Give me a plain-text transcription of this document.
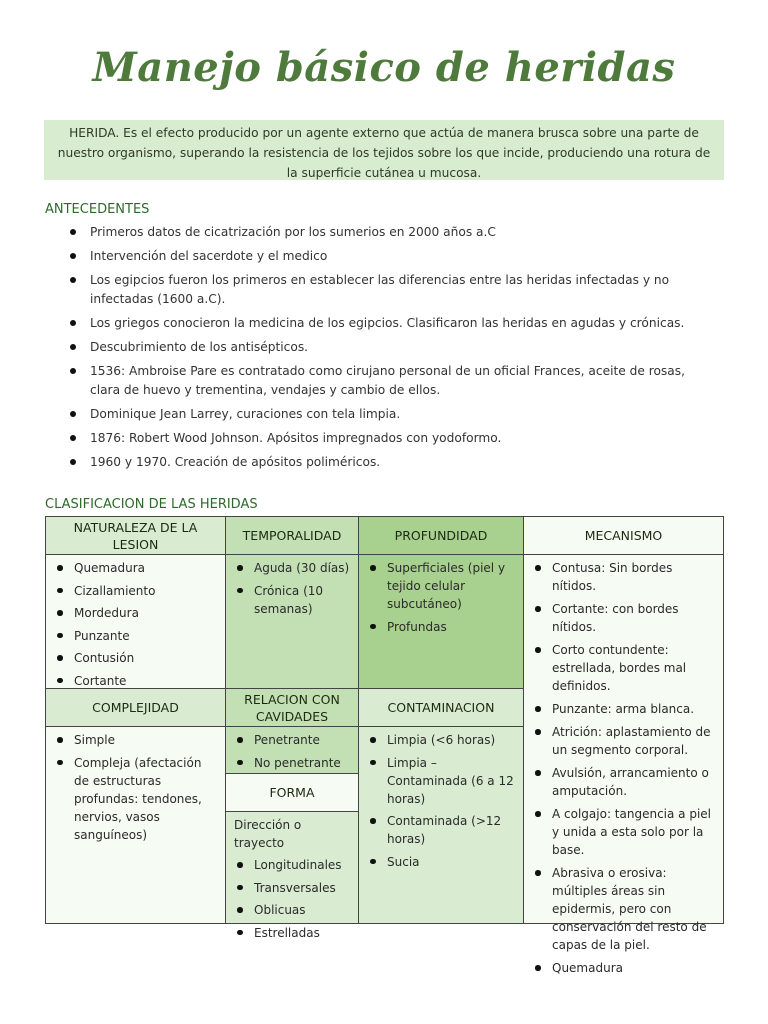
Manejo básico de heridas
HERIDA. Es el efecto producido por un agente externo que actúa de manera brusca sobre una parte de nuestro organismo, superando la resistencia de los tejidos sobre los que incide, produciendo una rotura de la superficie cutánea u mucosa.
ANTECEDENTES
Primeros datos de cicatrización por los sumerios en 2000 años a.C
Intervención del sacerdote y el medico
Los egipcios fueron los primeros en establecer las diferencias entre las heridas infectadas y no infectadas (1600 a.C).
Los griegos conocieron la medicina de los egipcios. Clasificaron las heridas en agudas y crónicas.
Descubrimiento de los antisépticos.
1536: Ambroise Pare es contratado como cirujano personal de un oficial Frances, aceite de rosas, clara de huevo y trementina, vendajes y cambio de ellos.
Dominique Jean Larrey, curaciones con tela limpia.
1876: Robert Wood Johnson. Apósitos impregnados con yodoformo.
1960 y 1970. Creación de apósitos poliméricos.
CLASIFICACION DE LAS HERIDAS
NATURALEZA DE LA LESION
TEMPORALIDAD	PROFUNDIDAD	MECANISMO
Quemadura
Cizallamiento
Mordedura
Punzante
Contusión
Cortante
Aguda (30 días)
Crónica (10 semanas)
Superficiales (piel y tejido celular subcutáneo)
Profundas
Contusa: Sin bordes nítidos.
Cortante: con bordes nítidos.
Corto contundente: estrellada, bordes mal definidos.
Punzante: arma blanca.
Atrición: aplastamiento de un segmento corporal.
Avulsión, arrancamiento o amputación.
A colgajo: tangencia a piel y unida a esta solo por la base.
Abrasiva o erosiva: múltiples áreas sin epidermis, pero con conservación del resto de capas de la piel.
Quemadura
COMPLEJIDAD
RELACION CON CAVIDADES
CONTAMINACION
Simple
Compleja (afectación de estructuras profundas: tendones, nervios, vasos sanguíneos)
Penetrante
No penetrante
FORMA
Dirección o trayecto
Longitudinales
Transversales
Oblicuas
Estrelladas
Limpia (<6 horas)
Limpia – Contaminada (6 a 12 horas)
Contaminada (>12 horas)
Sucia
